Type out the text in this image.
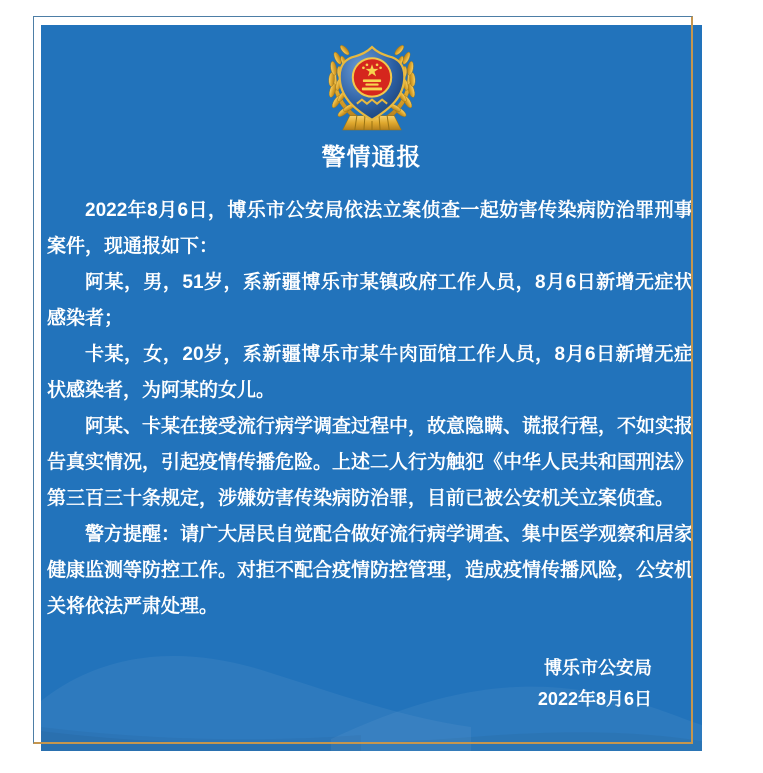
警情通报

2022年8月6日，博乐市公安局依法立案侦查一起妨害传染病防治罪刑事案件，现通报如下：

阿某，男，51岁，系新疆博乐市某镇政府工作人员，8月6日新增无症状感染者；

卡某，女，20岁，系新疆博乐市某牛肉面馆工作人员，8月6日新增无症状感染者，为阿某的女儿。

阿某、卡某在接受流行病学调查过程中，故意隐瞒、谎报行程，不如实报告真实情况，引起疫情传播危险。上述二人行为触犯《中华人民共和国刑法》第三百三十条规定，涉嫌妨害传染病防治罪，目前已被公安机关立案侦查。

警方提醒：请广大居民自觉配合做好流行病学调查、集中医学观察和居家健康监测等防控工作。对拒不配合疫情防控管理，造成疫情传播风险，公安机关将依法严肃处理。

博乐市公安局
2022年8月6日
